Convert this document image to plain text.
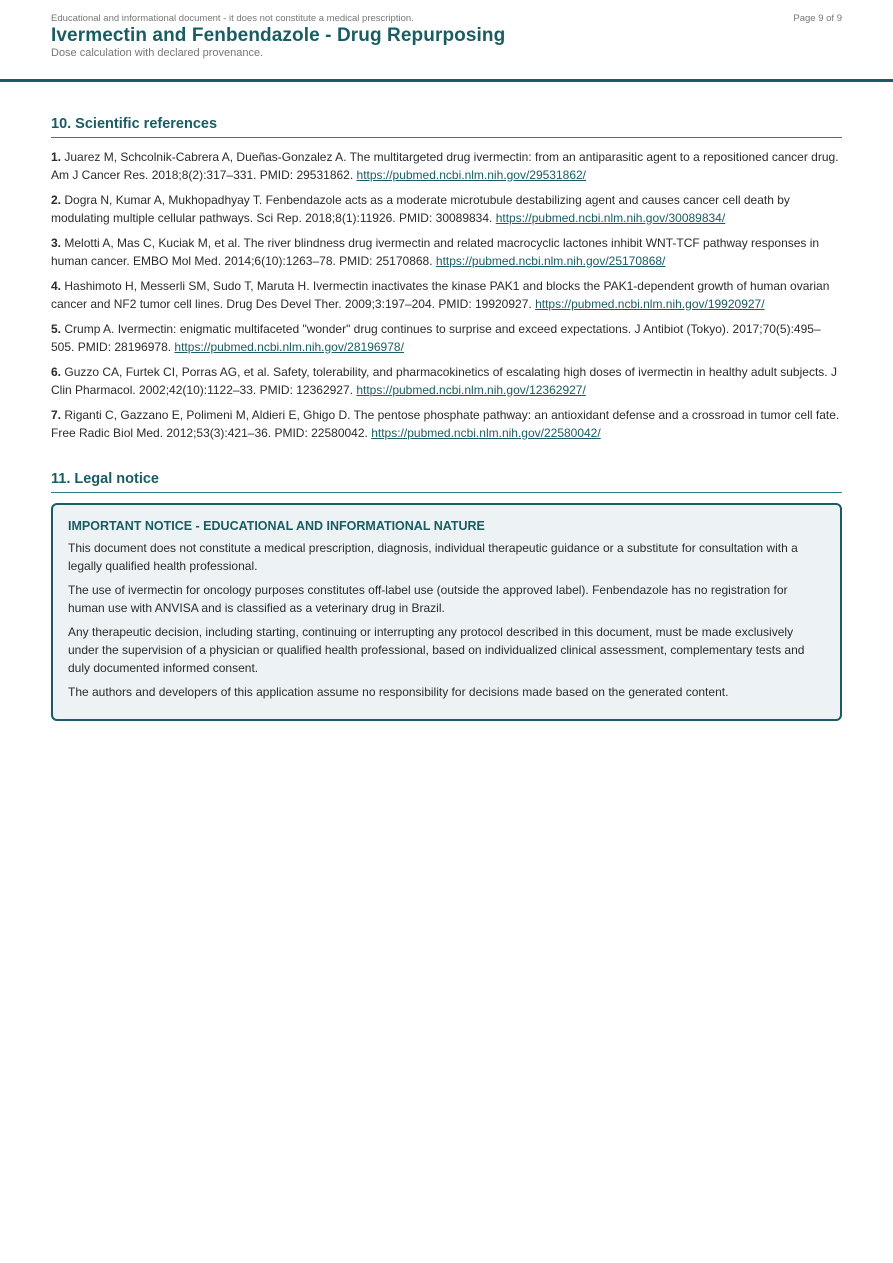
Educational and informational document - it does not constitute a medical prescription.	Page 9 of 9
Ivermectin and Fenbendazole - Drug Repurposing
Dose calculation with declared provenance.
10. Scientific references
1. Juarez M, Schcolnik-Cabrera A, Dueñas-Gonzalez A. The multitargeted drug ivermectin: from an antiparasitic agent to a repositioned cancer drug. Am J Cancer Res. 2018;8(2):317–331. PMID: 29531862. https://pubmed.ncbi.nlm.nih.gov/29531862/
2. Dogra N, Kumar A, Mukhopadhyay T. Fenbendazole acts as a moderate microtubule destabilizing agent and causes cancer cell death by modulating multiple cellular pathways. Sci Rep. 2018;8(1):11926. PMID: 30089834. https://pubmed.ncbi.nlm.nih.gov/30089834/
3. Melotti A, Mas C, Kuciak M, et al. The river blindness drug ivermectin and related macrocyclic lactones inhibit WNT-TCF pathway responses in human cancer. EMBO Mol Med. 2014;6(10):1263–78. PMID: 25170868. https://pubmed.ncbi.nlm.nih.gov/25170868/
4. Hashimoto H, Messerli SM, Sudo T, Maruta H. Ivermectin inactivates the kinase PAK1 and blocks the PAK1-dependent growth of human ovarian cancer and NF2 tumor cell lines. Drug Des Devel Ther. 2009;3:197–204. PMID: 19920927. https://pubmed.ncbi.nlm.nih.gov/19920927/
5. Crump A. Ivermectin: enigmatic multifaceted "wonder" drug continues to surprise and exceed expectations. J Antibiot (Tokyo). 2017;70(5):495–505. PMID: 28196978. https://pubmed.ncbi.nlm.nih.gov/28196978/
6. Guzzo CA, Furtek CI, Porras AG, et al. Safety, tolerability, and pharmacokinetics of escalating high doses of ivermectin in healthy adult subjects. J Clin Pharmacol. 2002;42(10):1122–33. PMID: 12362927. https://pubmed.ncbi.nlm.nih.gov/12362927/
7. Riganti C, Gazzano E, Polimeni M, Aldieri E, Ghigo D. The pentose phosphate pathway: an antioxidant defense and a crossroad in tumor cell fate. Free Radic Biol Med. 2012;53(3):421–36. PMID: 22580042. https://pubmed.ncbi.nlm.nih.gov/22580042/
11. Legal notice
IMPORTANT NOTICE - EDUCATIONAL AND INFORMATIONAL NATURE

This document does not constitute a medical prescription, diagnosis, individual therapeutic guidance or a substitute for consultation with a legally qualified health professional.

The use of ivermectin for oncology purposes constitutes off-label use (outside the approved label). Fenbendazole has no registration for human use with ANVISA and is classified as a veterinary drug in Brazil.

Any therapeutic decision, including starting, continuing or interrupting any protocol described in this document, must be made exclusively under the supervision of a physician or qualified health professional, based on individualized clinical assessment, complementary tests and duly documented informed consent.

The authors and developers of this application assume no responsibility for decisions made based on the generated content.
